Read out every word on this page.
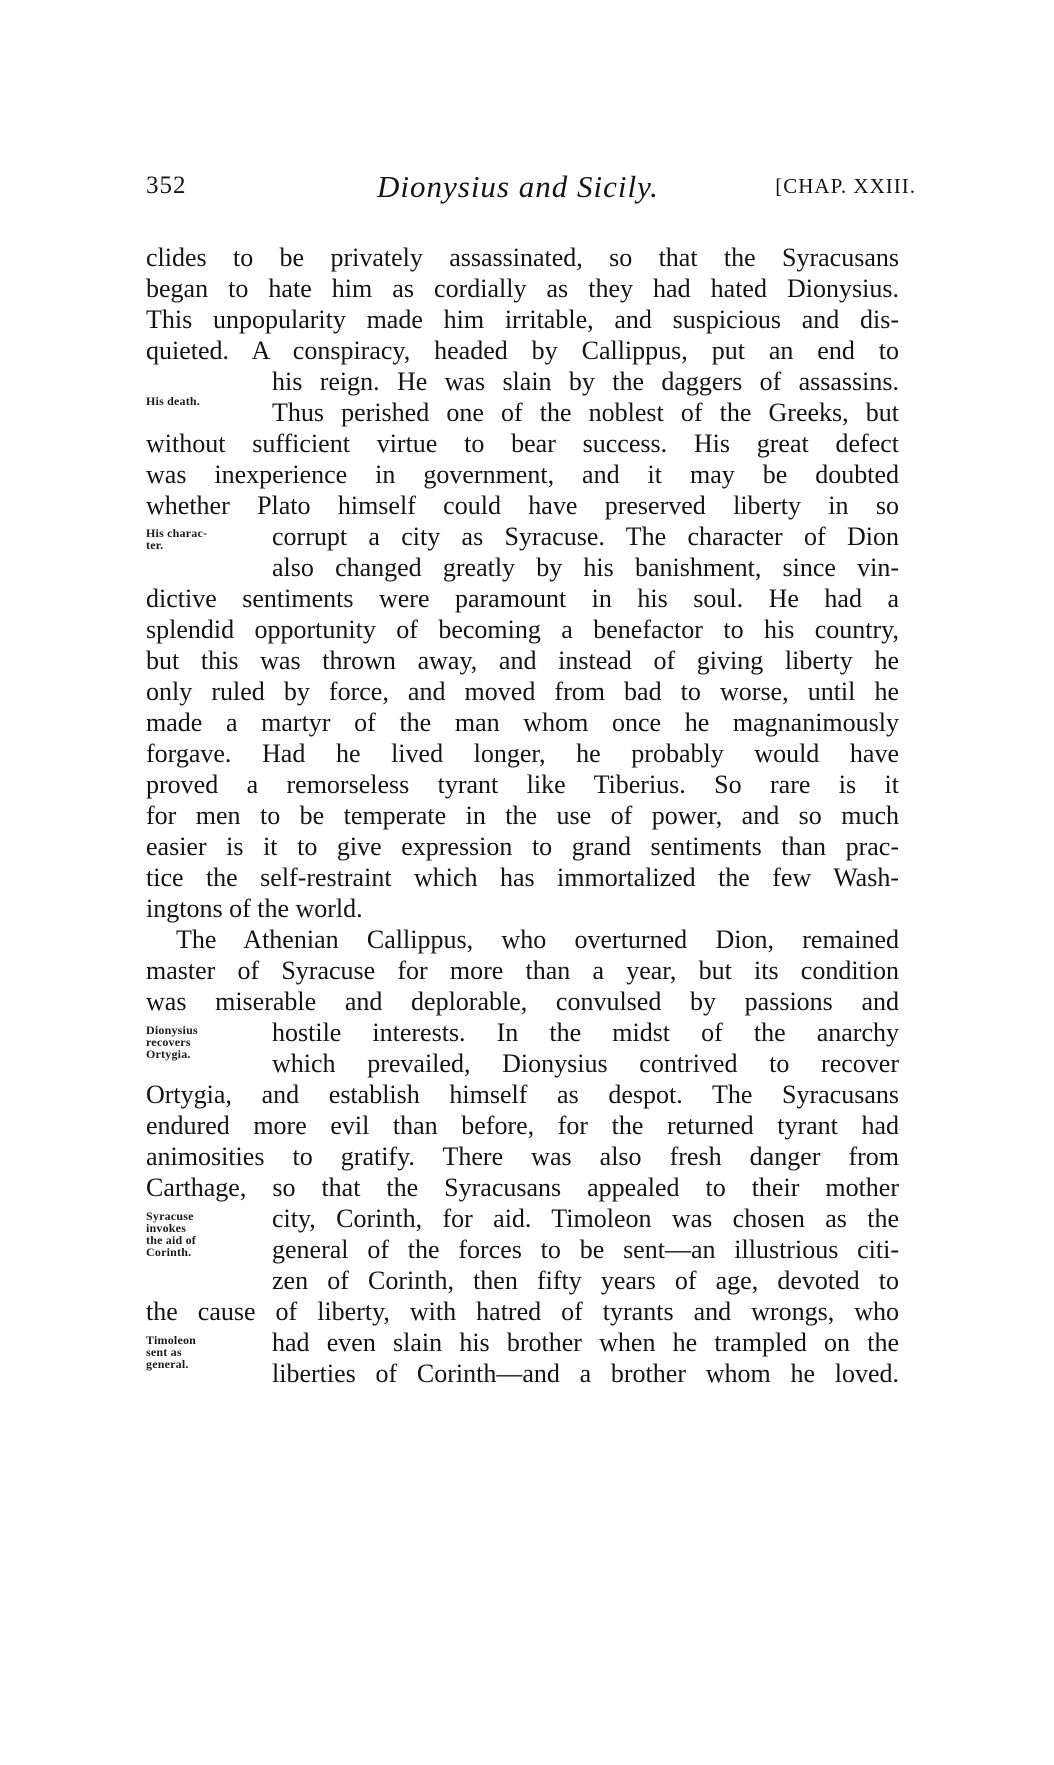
352	Dionysius and Sicily.	[CHAP. XXIII.
clides to be privately assassinated, so that the Syracusans
began to hate him as cordially as they had hated Dionysius.
This unpopularity made him irritable, and suspicious and dis-
quieted. A conspiracy, headed by Callippus, put an end to
his reign. He was slain by the daggers of assassins.
Thus perished one of the noblest of the Greeks, but
without sufficient virtue to bear success. His great defect
was inexperience in government, and it may be doubted
whether Plato himself could have preserved liberty in so
corrupt a city as Syracuse. The character of Dion
also changed greatly by his banishment, since vin-
dictive sentiments were paramount in his soul. He had a
splendid opportunity of becoming a benefactor to his country,
but this was thrown away, and instead of giving liberty he
only ruled by force, and moved from bad to worse, until he
made a martyr of the man whom once he magnanimously
forgave. Had he lived longer, he probably would have
proved a remorseless tyrant like Tiberius. So rare is it
for men to be temperate in the use of power, and so much
easier is it to give expression to grand sentiments than prac-
tice the self-restraint which has immortalized the few Wash-
ingtons of the world.
The Athenian Callippus, who overturned Dion, remained
master of Syracuse for more than a year, but its condition
was miserable and deplorable, convulsed by passions and
hostile interests. In the midst of the anarchy
which prevailed, Dionysius contrived to recover
Ortygia, and establish himself as despot. The Syracusans
endured more evil than before, for the returned tyrant had
animosities to gratify. There was also fresh danger from
Carthage, so that the Syracusans appealed to their mother
city, Corinth, for aid. Timoleon was chosen as the
general of the forces to be sent—an illustrious citi-
zen of Corinth, then fifty years of age, devoted to
the cause of liberty, with hatred of tyrants and wrongs, who
had even slain his brother when he trampled on the
liberties of Corinth—and a brother whom he loved.
His death.
His charac-
ter.
Dionysius
recovers
Ortygia.
Syracuse
invokes
the aid of
Corinth.
Timoleon
sent as
general.
